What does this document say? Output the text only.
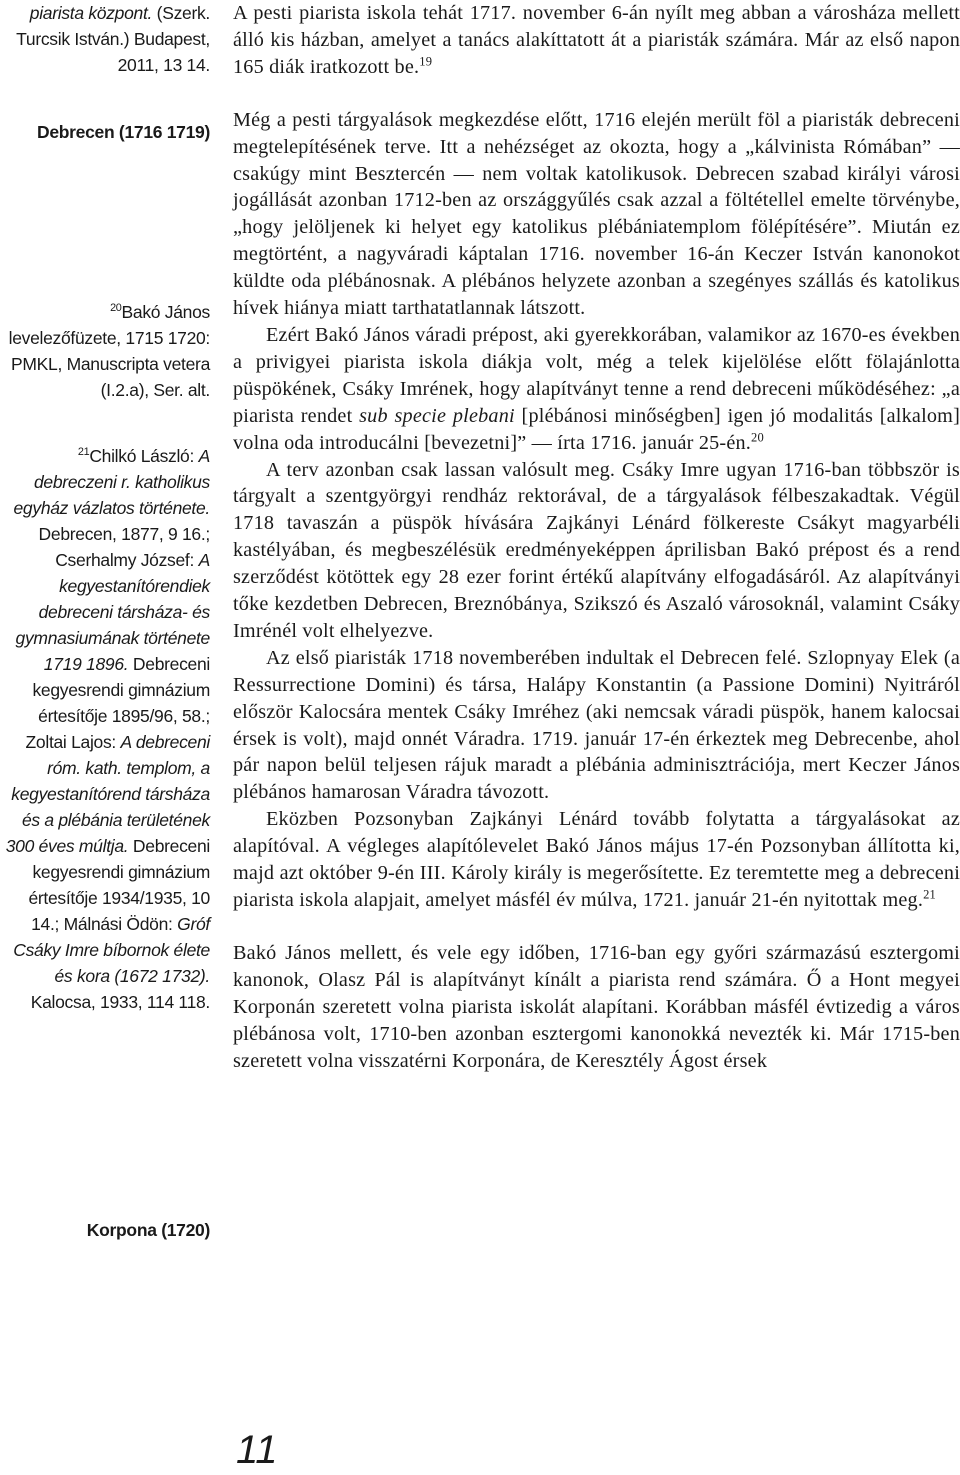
piarista központ. (Szerk. Turcsik István.) Budapest, 2011, 13 14.

Debrecen (1716 1719)

$^{20}$Bakó János levelezőfüzete, 1715 1720: PMKL, Manuscripta vetera (I.2.a), Ser. alt.

$^{21}$Chilkó László: A debreczeni r. katholikus egyház vázlatos története. Debrecen, 1877, 9 16.; Cserhalmy József: A kegyestanítórendiek debreceni társháza- és gymnasiumának története 1719 1896. Debreceni kegyesrendi gimnázium értesítője 1895/96, 58.; Zoltai Lajos: A debreceni róm. kath. templom, a kegyestanítórend társháza és a plébánia területének 300 éves múltja. Debreceni kegyesrendi gimnázium értesítője 1934/1935, 10 14.; Málnási Ödön: Gróf Csáky Imre bíbornok élete és kora (1672 1732). Kalocsa, 1933, 114 118.

Korpona (1720)

A pesti piarista iskola tehát 1717. november 6-án nyílt meg abban a városháza mellett álló kis házban, amelyet a tanács alakíttatott át a piaristák számára. Már az első napon 165 diák iratkozott be.$^{19}$

Még a pesti tárgyalások megkezdése előtt, 1716 elején merült föl a piaristák debreceni megtelepítésének terve. Itt a nehézséget az okozta, hogy a „kálvinista Rómában” — csakúgy mint Besztercén — nem voltak katolikusok. Debrecen szabad királyi városi jogállását azonban 1712-ben az országgyűlés csak azzal a föltétellel emelte törvénybe, „hogy jelöljenek ki helyet egy katolikus plébániatemplom fölépítésére”. Miután ez megtörtént, a nagyváradi káptalan 1716. november 16-án Keczer István kanonokot küldte oda plébánosnak. A plébános helyzete azonban a szegényes szállás és katolikus hívek hiánya miatt tarthatatlannak látszott.

Ezért Bakó János váradi prépost, aki gyerekkorában, valamikor az 1670-es években a privigyei piarista iskola diákja volt, még a telek kijelölése előtt fölajánlotta püspökének, Csáky Imrének, hogy alapítványt tenne a rend debreceni működéséhez: „a piarista rendet sub specie plebani [plébánosi minőségben] igen jó modalitás [alkalom] volna oda introducálni [bevezetni]” — írta 1716. január 25-én.$^{20}$

A terv azonban csak lassan valósult meg. Csáky Imre ugyan 1716-ban többször is tárgyalt a szentgyörgyi rendház rektorával, de a tárgyalások félbeszakadtak. Végül 1718 tavaszán a püspök hívására Zajkányi Lénárd fölkereste Csákyt magyarbéli kastélyában, és megbeszélésük eredményeképpen áprilisban Bakó prépost és a rend szerződést kötöttek egy 28 ezer forint értékű alapítvány elfogadásáról. Az alapítványi tőke kezdetben Debrecen, Breznóbánya, Szikszó és Aszaló városoknál, valamint Csáky Imrénél volt elhelyezve.

Az első piaristák 1718 novemberében indultak el Debrecen felé. Szlopnyay Elek (a Ressurrectione Domini) és társa, Halápy Konstantin (a Passione Domini) Nyitráról először Kalocsára mentek Csáky Imréhez (aki nemcsak váradi püspök, hanem kalocsai érsek is volt), majd onnét Váradra. 1719. január 17-én érkeztek meg Debrecenbe, ahol pár napon belül teljesen rájuk maradt a plébánia adminisztrációja, mert Keczer János plébános hamarosan Váradra távozott.

Eközben Pozsonyban Zajkányi Lénárd tovább folytatta a tárgyalásokat az alapítóval. A végleges alapítólevelet Bakó János május 17-én Pozsonyban állította ki, majd azt október 9-én III. Károly király is megerősítette. Ez teremtette meg a debreceni piarista iskola alapjait, amelyet másfél év múlva, 1721. január 21-én nyitottak meg.$^{21}$

Bakó János mellett, és vele egy időben, 1716-ban egy győri származású esztergomi kanonok, Olasz Pál is alapítványt kínált a piarista rend számára. Ő a Hont megyei Korponán szeretett volna piarista iskolát alapítani. Korábban másfél évtizedig a város plébánosa volt, 1710-ben azonban esztergomi kanonokká nevezték ki. Már 1715-ben szeretett volna visszatérni Korponára, de Keresztély Ágost érsek

11
